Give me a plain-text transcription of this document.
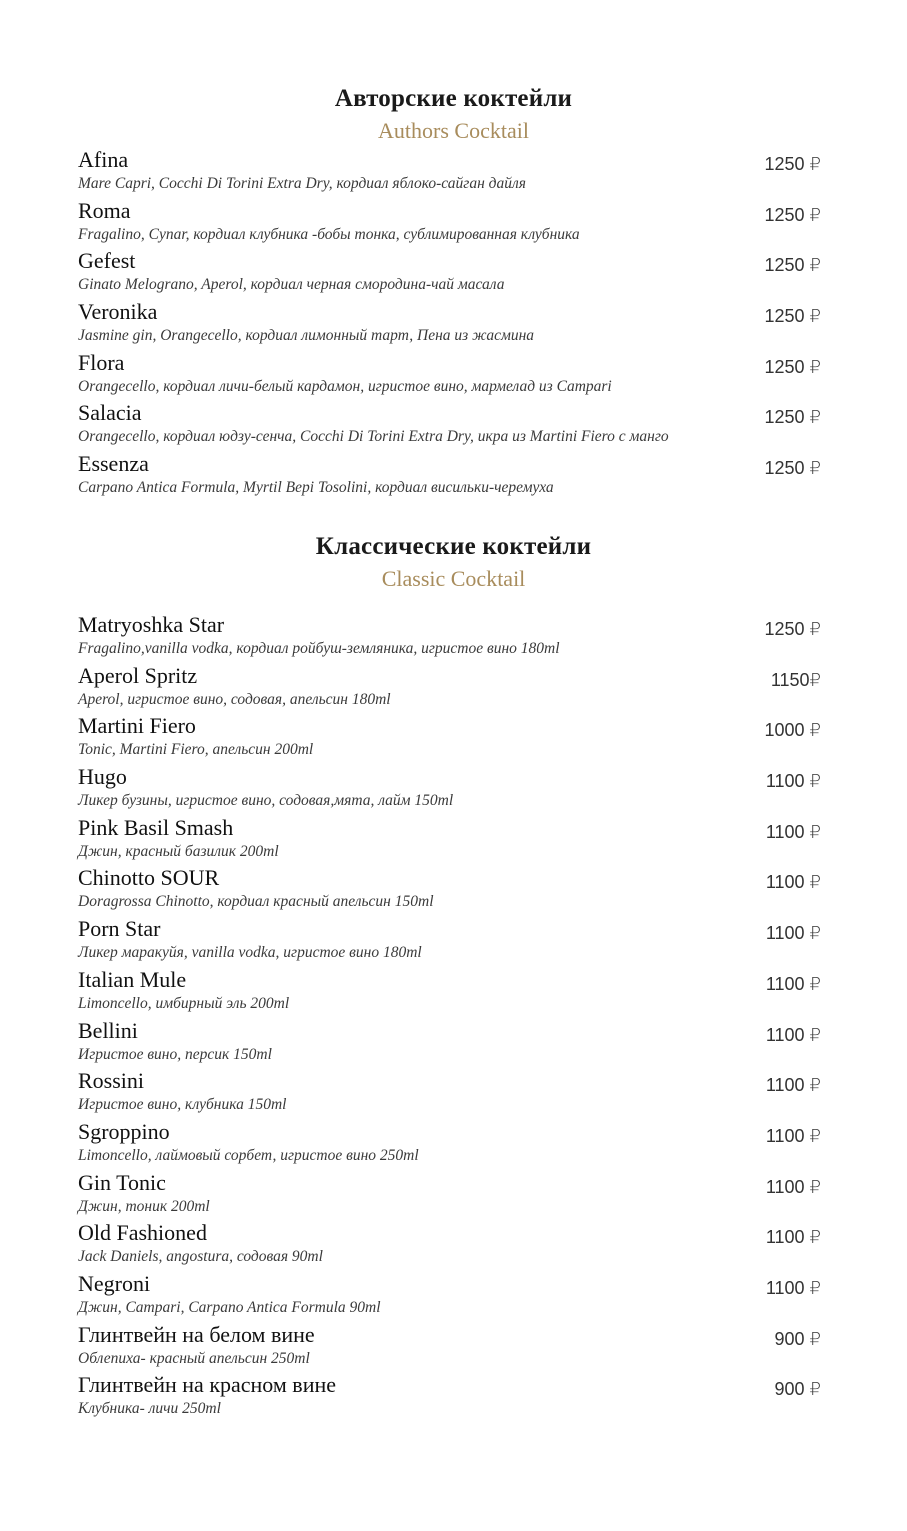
Авторские коктейли
Authors Cocktail
Afina
Mare Capri, Cocchi Di Torini Extra Dry, кордиал яблоко-сайган дайля
1250 ₽
Roma
Fragalino, Cynar, кордиал клубника -бобы тонка, сублимированная клубника
1250 ₽
Gefest
Ginato Melograno, Aperol, кордиал черная смородина-чай масала
1250 ₽
Veronika
Jasmine gin, Orangecello, кордиал лимонный тарт, Пена из жасмина
1250 ₽
Flora
Orangecello, кордиал личи-белый кардамон, игристое вино, мармелад из Campari
1250 ₽
Salacia
Orangecello, кордиал юдзу-сенча, Cocchi Di Torini Extra Dry, икра из Martini Fiero с манго
1250 ₽
Essenza
Carpano Antica Formula, Myrtil Bepi Tosolini, кордиал висильки-черемуха
1250 ₽
Классические коктейли
Classic Cocktail
Matryoshka Star
Fragalino,vanilla vodka, кордиал ройбуш-земляника, игристое вино 180ml
1250 ₽
Aperol Spritz
Aperol, игристое вино, содовая, апельсин 180ml
1150₽
Martini Fiero
Tonic, Martini Fiero, апельсин 200ml
1000 ₽
Hugo
Ликер бузины, игристое вино, содовая,мята, лайм 150ml
1100 ₽
Pink Basil Smash
Джин, красный базилик 200ml
1100 ₽
Chinotto SOUR
Doragrossa Chinotto, кордиал красный апельсин 150ml
1100 ₽
Porn Star
Ликер маракуйя, vanilla vodka, игристое вино 180ml
1100 ₽
Italian Mule
Limoncello, имбирный эль 200ml
1100 ₽
Bellini
Игристое вино, персик 150ml
1100 ₽
Rossini
Игристое вино, клубника 150ml
1100 ₽
Sgroppino
Limoncello, лаймовый сорбет, игристое вино 250ml
1100 ₽
Gin Tonic
Джин, тоник 200ml
1100 ₽
Old Fashioned
Jack Daniels, angostura, содовая 90ml
1100 ₽
Negroni
Джин, Campari, Carpano Antica Formula 90ml
1100 ₽
Глинтвейн на белом вине
Облепиха- красный апельсин 250ml
900 ₽
Глинтвейн на красном вине
Клубника- личи 250ml
900 ₽
